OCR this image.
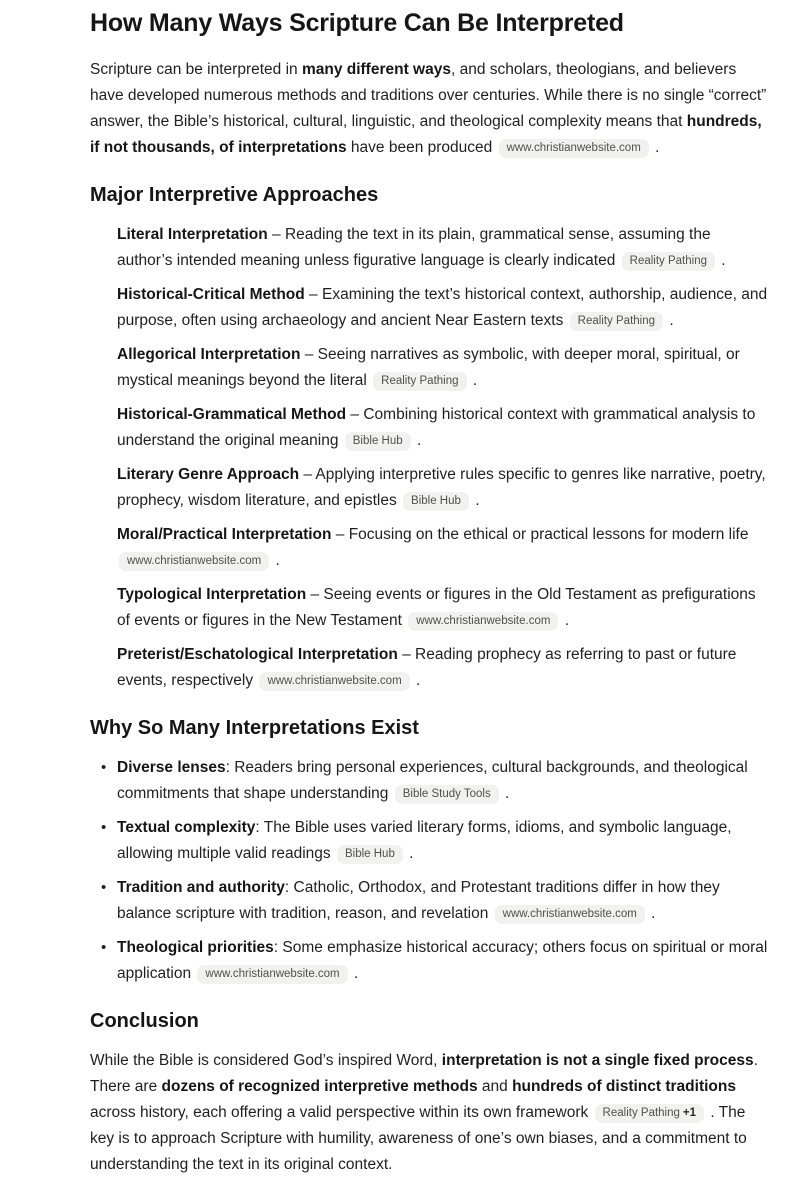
How Many Ways Scripture Can Be Interpreted

Scripture can be interpreted in many different ways, and scholars, theologians, and believers have developed numerous methods and traditions over centuries. While there is no single “correct” answer, the Bible’s historical, cultural, linguistic, and theological complexity means that hundreds, if not thousands, of interpretations have been produced www.christianwebsite.com .

Major Interpretive Approaches

Literal Interpretation – Reading the text in its plain, grammatical sense, assuming the author’s intended meaning unless figurative language is clearly indicated Reality Pathing .

Historical-Critical Method – Examining the text’s historical context, authorship, audience, and purpose, often using archaeology and ancient Near Eastern texts Reality Pathing .

Allegorical Interpretation – Seeing narratives as symbolic, with deeper moral, spiritual, or mystical meanings beyond the literal Reality Pathing .

Historical-Grammatical Method – Combining historical context with grammatical analysis to understand the original meaning Bible Hub .

Literary Genre Approach – Applying interpretive rules specific to genres like narrative, poetry, prophecy, wisdom literature, and epistles Bible Hub .

Moral/Practical Interpretation – Focusing on the ethical or practical lessons for modern life www.christianwebsite.com .

Typological Interpretation – Seeing events or figures in the Old Testament as prefigurations of events or figures in the New Testament www.christianwebsite.com .

Preterist/Eschatological Interpretation – Reading prophecy as referring to past or future events, respectively www.christianwebsite.com .

Why So Many Interpretations Exist
• Diverse lenses: Readers bring personal experiences, cultural backgrounds, and theological commitments that shape understanding Bible Study Tools .
• Textual complexity: The Bible uses varied literary forms, idioms, and symbolic language, allowing multiple valid readings Bible Hub .
• Tradition and authority: Catholic, Orthodox, and Protestant traditions differ in how they balance scripture with tradition, reason, and revelation www.christianwebsite.com .
• Theological priorities: Some emphasize historical accuracy; others focus on spiritual or moral application www.christianwebsite.com .
Conclusion

While the Bible is considered God’s inspired Word, interpretation is not a single fixed process. There are dozens of recognized interpretive methods and hundreds of distinct traditions across history, each offering a valid perspective within its own framework Reality Pathing +1 . The key is to approach Scripture with humility, awareness of one’s own biases, and a commitment to understanding the text in its original context.
